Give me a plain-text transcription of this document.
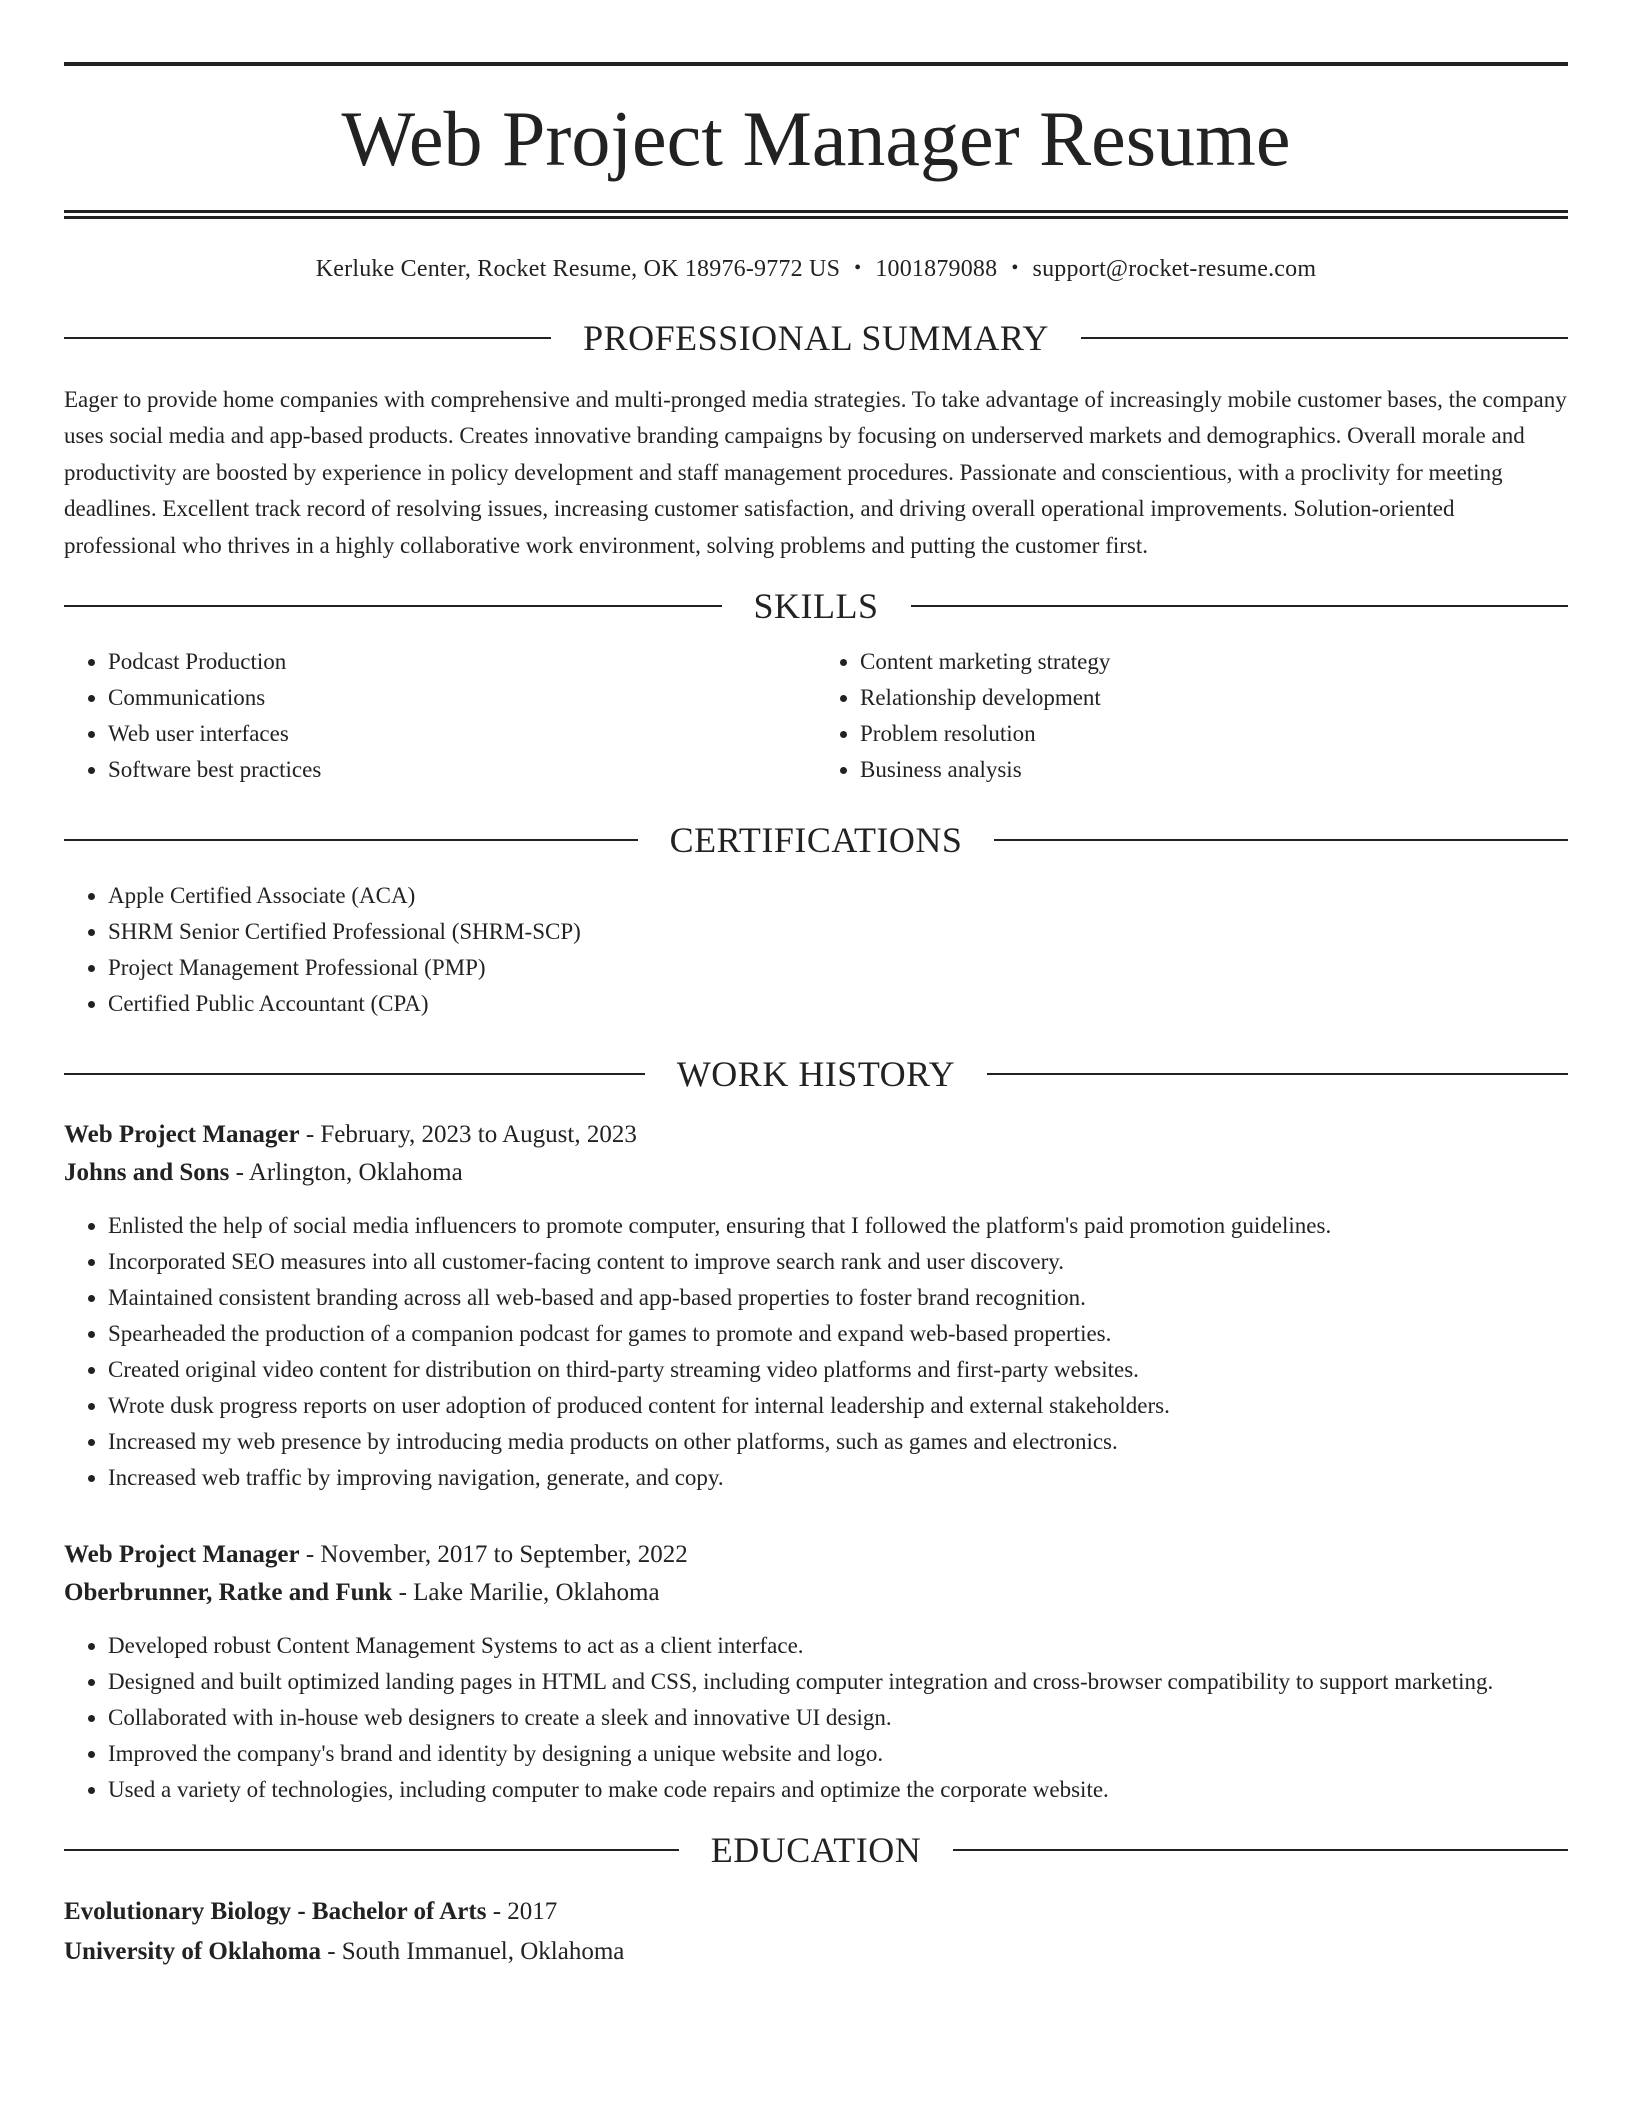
Web Project Manager Resume
Kerluke Center, Rocket Resume, OK 18976-9772 US • 1001879088 • support@rocket-resume.com
PROFESSIONAL SUMMARY

Eager to provide home companies with comprehensive and multi-pronged media strategies. To take advantage of increasingly mobile customer bases, the company uses social media and app-based products. Creates innovative branding campaigns by focusing on underserved markets and demographics. Overall morale and productivity are boosted by experience in policy development and staff management procedures. Passionate and conscientious, with a proclivity for meeting deadlines. Excellent track record of resolving issues, increasing customer satisfaction, and driving overall operational improvements. Solution-oriented professional who thrives in a highly collaborative work environment, solving problems and putting the customer first.

SKILLS
• Podcast Production
• Communications
• Web user interfaces
• Software best practices
• Content marketing strategy
• Relationship development
• Problem resolution
• Business analysis
CERTIFICATIONS
• Apple Certified Associate (ACA)
• SHRM Senior Certified Professional (SHRM-SCP)
• Project Management Professional (PMP)
• Certified Public Accountant (CPA)
WORK HISTORY
Web Project Manager - February, 2023 to August, 2023
Johns and Sons - Arlington, Oklahoma
• Enlisted the help of social media influencers to promote computer, ensuring that I followed the platform's paid promotion guidelines.
• Incorporated SEO measures into all customer-facing content to improve search rank and user discovery.
• Maintained consistent branding across all web-based and app-based properties to foster brand recognition.
• Spearheaded the production of a companion podcast for games to promote and expand web-based properties.
• Created original video content for distribution on third-party streaming video platforms and first-party websites.
• Wrote dusk progress reports on user adoption of produced content for internal leadership and external stakeholders.
• Increased my web presence by introducing media products on other platforms, such as games and electronics.
• Increased web traffic by improving navigation, generate, and copy.
Web Project Manager - November, 2017 to September, 2022
Oberbrunner, Ratke and Funk - Lake Marilie, Oklahoma
• Developed robust Content Management Systems to act as a client interface.
• Designed and built optimized landing pages in HTML and CSS, including computer integration and cross-browser compatibility to support marketing.
• Collaborated with in-house web designers to create a sleek and innovative UI design.
• Improved the company's brand and identity by designing a unique website and logo.
• Used a variety of technologies, including computer to make code repairs and optimize the corporate website.
EDUCATION
Evolutionary Biology - Bachelor of Arts - 2017
University of Oklahoma - South Immanuel, Oklahoma
